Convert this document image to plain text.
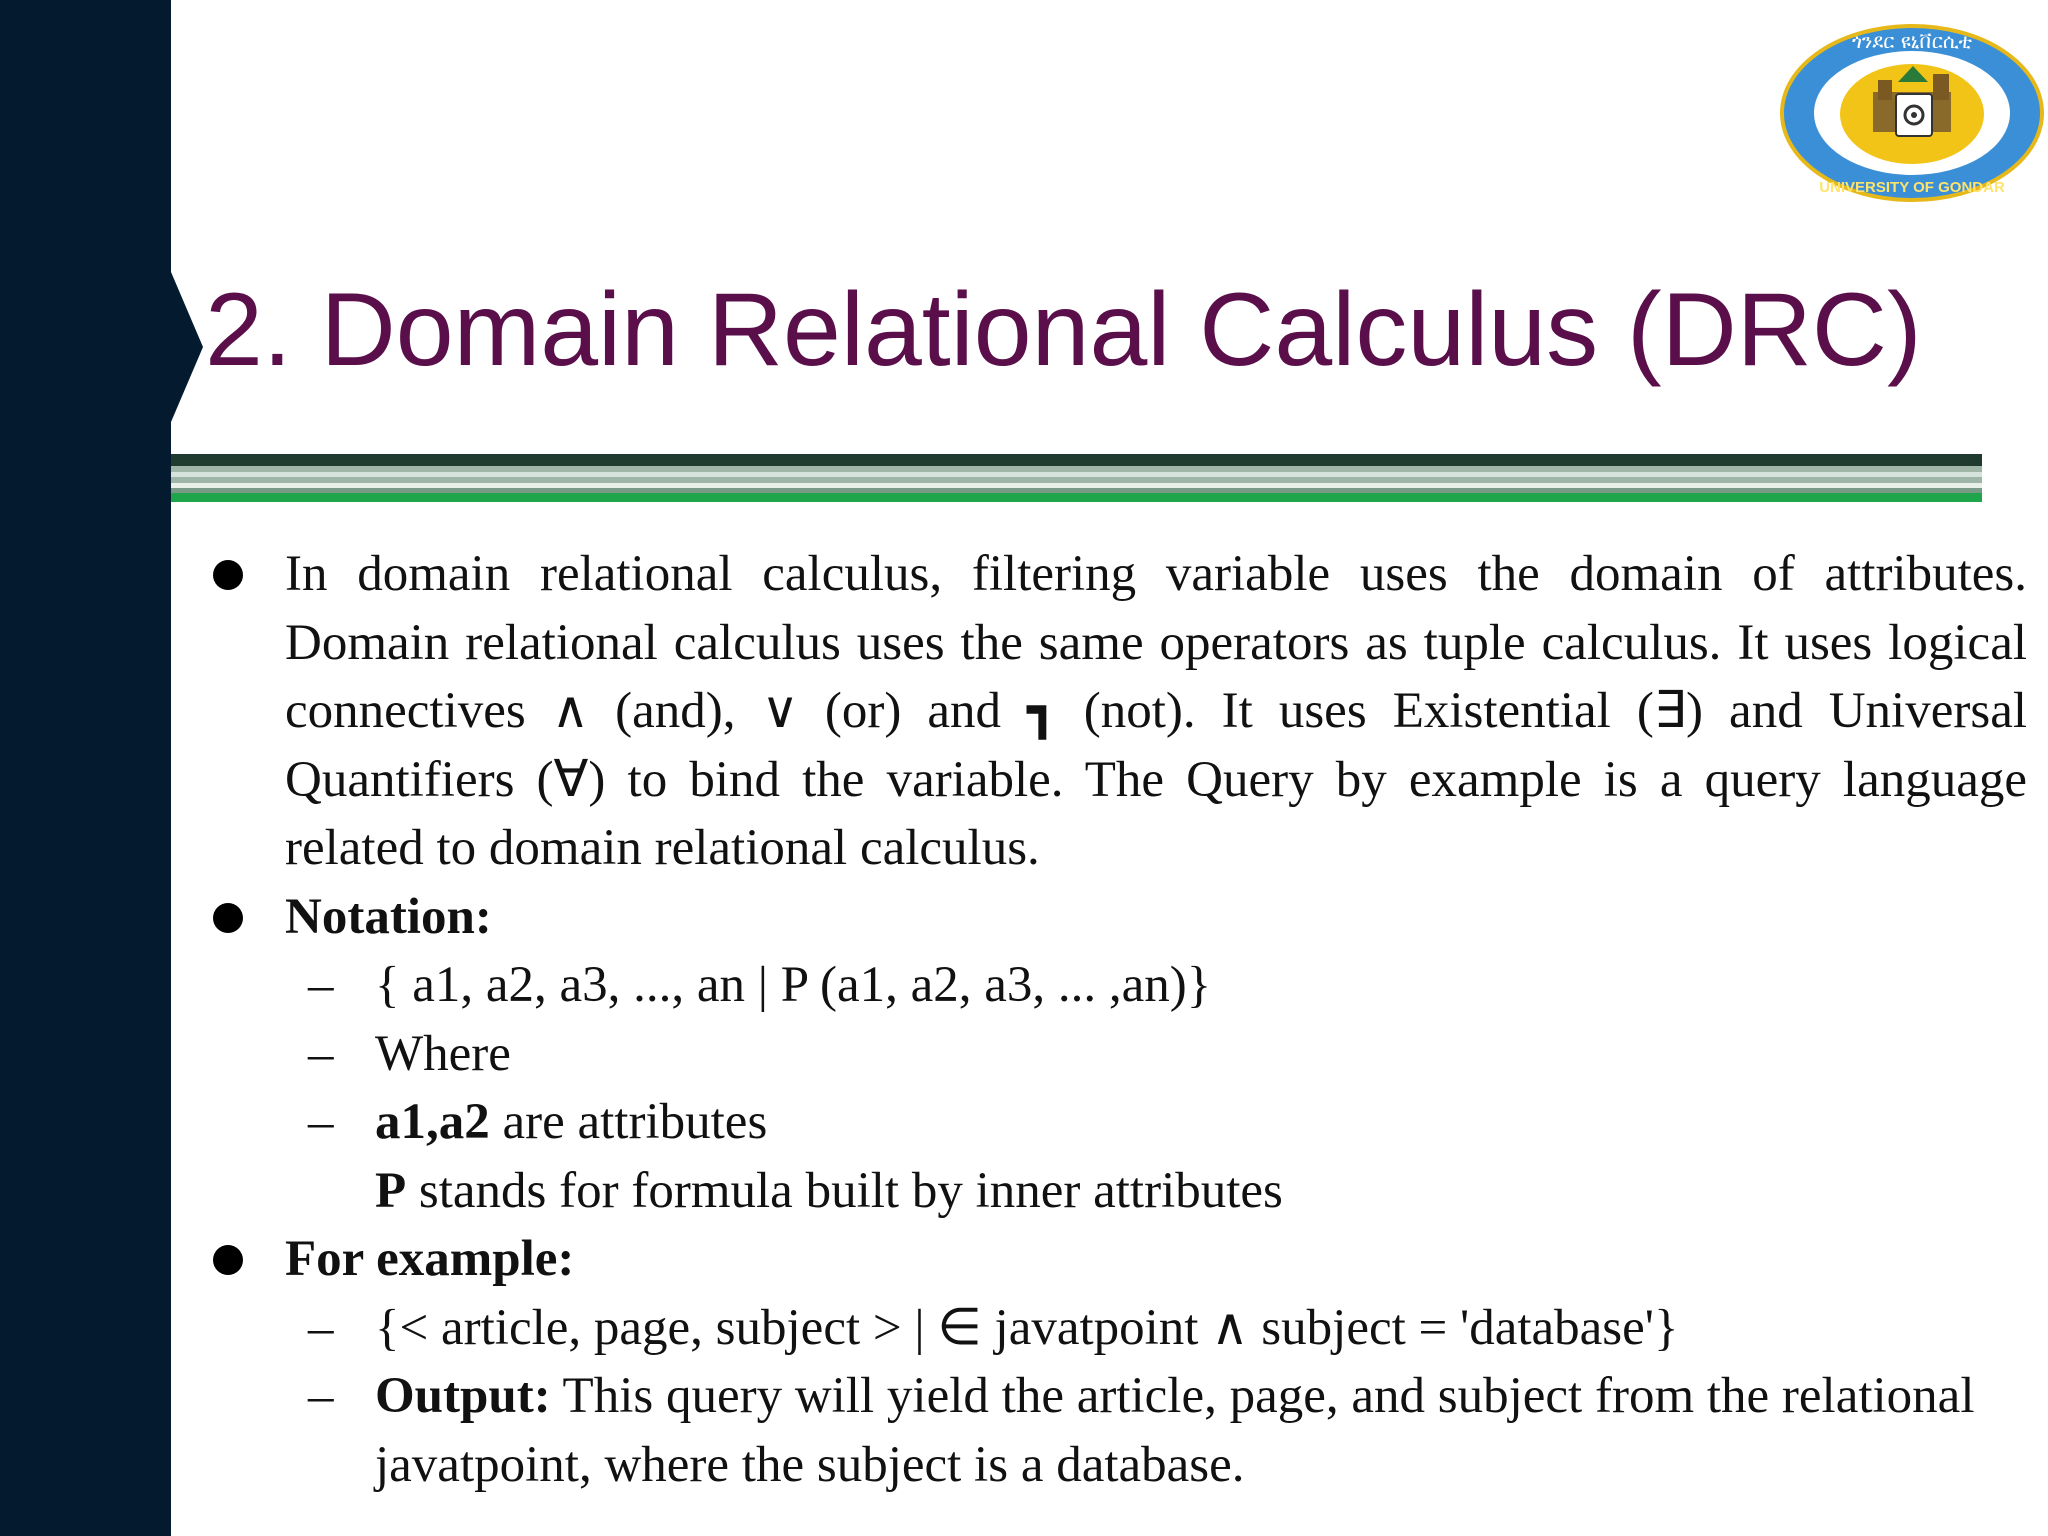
ጎንደር ዩኒቨርሲቲ
UNIVERSITY OF GONDAR
2. Domain Relational Calculus (DRC)
In domain relational calculus, filtering variable uses the domain of attributes. Domain relational calculus uses the same operators as tuple calculus. It uses logical connectives ∧ (and), ∨ (or) and ┓ (not). It uses Existential (∃) and Universal Quantifiers (∀) to bind the variable. The Query by example is a query language related to domain relational calculus.
Notation:
– { a1, a2, a3, ..., an | P (a1, a2, a3, ... ,an)}
– Where
– a1,a2 are attributes
P stands for formula built by inner attributes
For example:
– {< article, page, subject > | ∈ javatpoint ∧ subject = 'database'}
– Output: This query will yield the article, page, and subject from the relational javatpoint, where the subject is a database.
